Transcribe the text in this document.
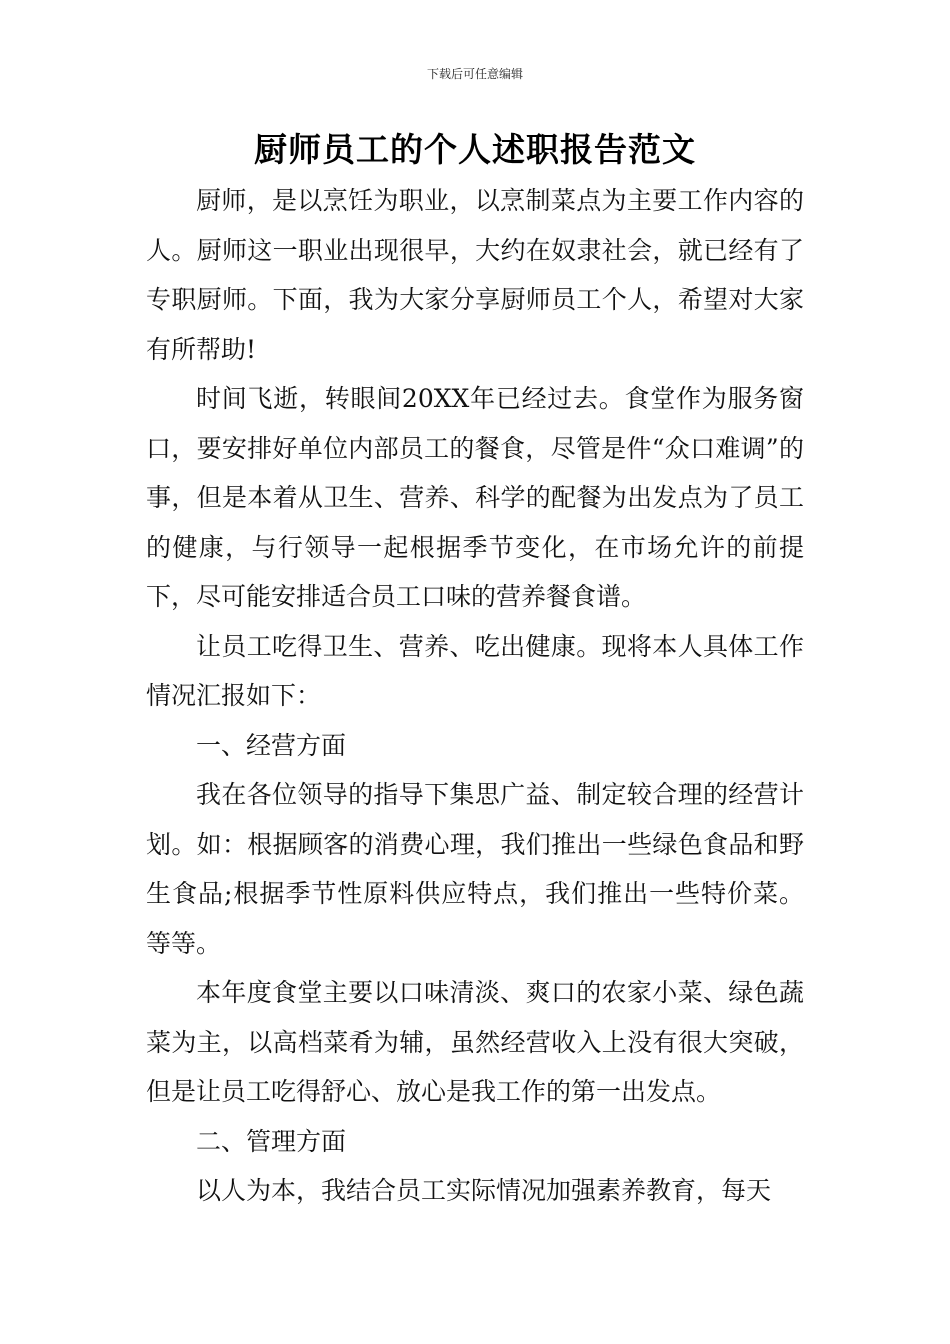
下载后可任意编辑
厨师员工的个人述职报告范文

厨师，是以烹饪为职业，以烹制菜点为主要工作内容的人。厨师这一职业出现很早，大约在奴隶社会，就已经有了专职厨师。下面，我为大家分享厨师员工个人，希望对大家有所帮助!

时间飞逝，转眼间20XX年已经过去。食堂作为服务窗口，要安排好单位内部员工的餐食，尽管是件“众口难调”的事，但是本着从卫生、营养、科学的配餐为出发点为了员工的健康，与行领导一起根据季节变化，在市场允许的前提下，尽可能安排适合员工口味的营养餐食谱。

让员工吃得卫生、营养、吃出健康。现将本人具体工作情况汇报如下：

一、经营方面

我在各位领导的指导下集思广益、制定较合理的经营计划。如：根据顾客的消费心理，我们推出一些绿色食品和野生食品;根据季节性原料供应特点，我们推出一些特价菜。等等。

本年度食堂主要以口味清淡、爽口的农家小菜、绿色蔬菜为主，以高档菜肴为辅，虽然经营收入上没有很大突破，但是让员工吃得舒心、放心是我工作的第一出发点。

二、管理方面

以人为本，我结合员工实际情况加强素养教育，每天
